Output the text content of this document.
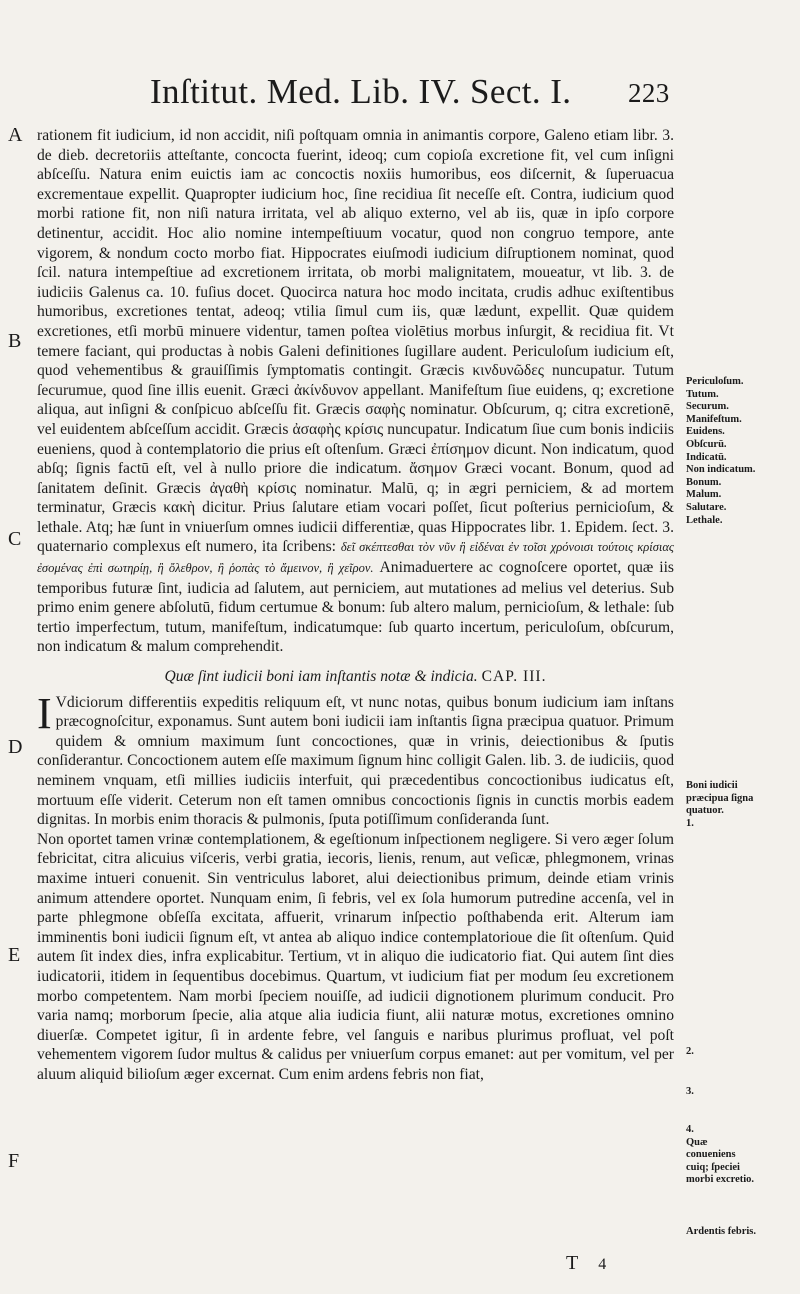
Inſtitut. Med. Lib. IV. Sect. I. 223
A
B
C
D
E
F

rationem fit iudicium, id non accidit, niſi poſtquam omnia in animantis corpore, Galeno etiam libr. 3. de dieb. decretoriis atteſtante, concocta fuerint, ideoq; cum copioſa excretione fit, vel cum inſigni abſceſſu. Natura enim euictis iam ac concoctis noxiis humoribus, eos diſcernit, & ſuperuacua excrementaue expellit. Quapropter iudicium hoc, ſine recidiua ſit neceſſe eſt. Contra, iudicium quod morbi ratione fit, non niſi natura irritata, vel ab aliquo externo, vel ab iis, quæ in ipſo corpore detinentur, accidit. Hoc alio nomine intempeſtiuum vocatur, quod non congruo tempore, ante vigorem, & nondum cocto morbo fiat. Hippocrates eiuſmodi iudicium diſruptionem nominat, quod ſcil. natura intempeſtiue ad excretionem irritata, ob morbi malignitatem, moueatur, vt lib. 3. de iudiciis Galenus ca. 10. fuſius docet. Quocirca natura hoc modo incitata, crudis adhuc exiſtentibus humoribus, excretiones tentat, adeoq; vtilia ſimul cum iis, quæ lædunt, expellit. Quæ quidem excretiones, etſi morbū minuere videntur, tamen poſtea violētius morbus inſurgit, & recidiua fit. Vt temere faciant, qui productas à nobis Galeni definitiones ſugillare audent. Periculoſum iudicium eſt, quod vehementibus & grauiſſimis ſymptomatis contingit. Græcis κινδυνῶδες nuncupatur. Tutum ſecurumue, quod ſine illis euenit. Græci ἀκίνδυνον appellant. Manifeſtum ſiue euidens, q; excretione aliqua, aut inſigni & conſpicuo abſceſſu fit. Græcis σαφὴς nominatur. Obſcurum, q; citra excretionē, vel euidentem abſceſſum accidit. Græcis ἀσαφὴς κρίσις nuncupatur. Indicatum ſiue cum bonis indiciis eueniens, quod à contemplatorio die prius eſt oſtenſum. Græci ἐπίσημον dicunt. Non indicatum, quod abſq; ſignis factū eſt, vel à nullo priore die indicatum. ἄσημον Græci vocant. Bonum, quod ad ſanitatem deſinit. Græcis ἀγαθὴ κρίσις nominatur. Malū, q; in ægri perniciem, & ad mortem terminatur, Græcis κακὴ dicitur. Prius ſalutare etiam vocari poſſet, ſicut poſterius pernicioſum, & lethale. Atq; hæ ſunt in vniuerſum omnes iudicii differentiæ, quas Hippocrates libr. 1. Epidem. ſect. 3. quaternario complexus eſt numero, ita ſcribens: δεῖ σκέπτεσθαι τὸν νῦν ἢ εἰδέναι ἐν τοῖσι χρόνοισι τούτοις κρίσιας ἐσομένας ἐπὶ σωτηρίῃ, ἢ ὄλεθρον, ἢ ῥοπὰς τὸ ἄμεινον, ἢ χεῖρον. Animaduertere ac cognoſcere oportet, quæ iis temporibus futuræ ſint, iudicia ad ſalutem, aut perniciem, aut mutationes ad melius vel deterius. Sub primo enim genere abſolutū, fidum certumue & bonum: ſub altero malum, pernicioſum, & lethale: ſub tertio imperfectum, tutum, manifeſtum, indicatumque: ſub quarto incertum, periculoſum, obſcurum, non indicatum & malum comprehendit.

Quæ ſint iudicii boni iam inſtantis notæ & indicia. CAP. III.

I Vdiciorum differentiis expeditis reliquum eſt, vt nunc notas, quibus bonum iudicium iam inſtans præcognoſcitur, exponamus. Sunt autem boni iudicii iam inſtantis ſigna præcipua quatuor. Primum quidem & omnium maximum ſunt concoctiones, quæ in vrinis, deiectionibus & ſputis conſiderantur. Concoctionem autem eſſe maximum ſignum hinc colligit Galen. lib. 3. de iudiciis, quod neminem vnquam, etſi millies iudiciis interfuit, qui præcedentibus concoctionibus iudicatus eſt, mortuum eſſe viderit. Ceterum non eſt tamen omnibus concoctionis ſignis in cunctis morbis eadem dignitas. In morbis enim thoracis & pulmonis, ſputa potiſſimum conſideranda ſunt.

Non oportet tamen vrinæ contemplationem, & egeſtionum inſpectionem negligere. Si vero æger ſolum febricitat, citra alicuius viſceris, verbi gratia, iecoris, lienis, renum, aut veſicæ, phlegmonem, vrinas maxime intueri conuenit. Sin ventriculus laboret, alui deiectionibus primum, deinde etiam vrinis animum attendere oportet. Nunquam enim, ſi febris, vel ex ſola humorum putredine accenſa, vel in parte phlegmone obſeſſa excitata, affuerit, vrinarum inſpectio poſthabenda erit. Alterum iam imminentis boni iudicii ſignum eſt, vt antea ab aliquo indice contemplatorioue die ſit oſtenſum. Quid autem ſit index dies, infra explicabitur. Tertium, vt in aliquo die iudicatorio fiat. Qui autem ſint dies iudicatorii, itidem in ſequentibus docebimus. Quartum, vt iudicium fiat per modum ſeu excretionem morbo competentem. Nam morbi ſpeciem nouiſſe, ad iudicii dignotionem plurimum conducit. Pro varia namq; morborum ſpecie, alia atque alia iudicia fiunt, alii naturæ motus, excretiones omnino diuerſæ. Competet igitur, ſi in ardente febre, vel ſanguis e naribus plurimus profluat, vel poſt vehementem vigorem ſudor multus & calidus per vniuerſum corpus emanet: aut per vomitum, vel per aluum aliquid bilioſum æger excernat. Cum enim ardens febris non fiat,

Periculoſum.
Tutum.
Securum.
Manifeſtum.
Euidens.
Obſcurū.
Indicatū.
Non indicatum.
Bonum.
Malum.
Salutare.
Lethale.
Boni iudicii præcipua ſigna quatuor.
1.
2.
3.
4.
Quæ conueniens cuiq; ſpeciei morbi excretio.
Ardentis febris.
T 4
